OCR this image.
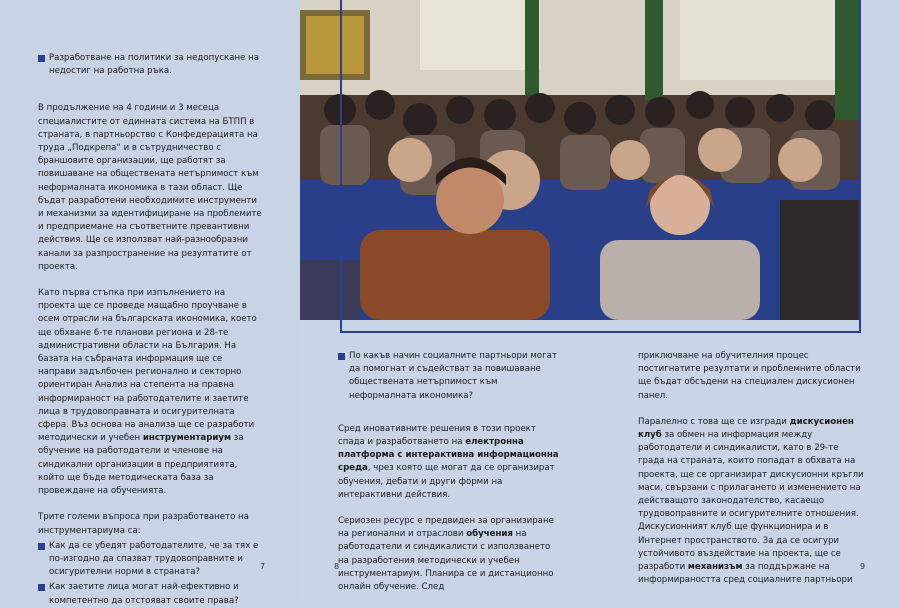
Разработване на политики за недопускане на недостиг на работна ръка.

В продължение на 4 години и 3 месеца специалистите от единната система на БТПП в страната, в партньорство с Конфедерацията на труда „Подкрепа“ и в сътрудничество с браншовите организации, ще работят за повишаване на обществената нетърпимост към неформалната икономика в тази област. Ще бъдат разработени необходимите инструменти и механизми за идентифициране на проблемите и предприемане на съответните превантивни действия. Ще се използват най-разнообразни канали за разпространение на резултатите от проекта.

Като първа стъпка при изпълнението на проекта ще се проведе мащабно проучване в осем отрасли на българската икономика, което ще обхване 6-те планови региона и 28-те административни области на България. На базата на събраната информация ще се направи задълбочен регионално и секторно ориентиран Анализ на степента на правна информираност на работодателите и заетите лица в трудовоправната и осигурителната сфера. Въз основа на анализа ще се разработи методически и учебен инструментариум за обучение на работодатели и членове на синдикални организации в предприятията, който ще бъде методическата база за провеждане на обученията.

Трите големи въпроса при разработването на инструментариума са:

Как да се убедят работодателите, че за тях е по-изгодно да спазват трудовоправните и осигурителни норми в страната?
Как заетите лица могат най-ефективно и компетентно да отстояват своите права?
7
По какъв начин социалните партньори могат да помогнат и съдействат за повишаване обществената нетърпимост към неформалната икономика?

Сред иновативните решения в този проект спада и разработването на електронна платформа с интерактивна информационна среда, чрез която ще могат да се организират обучения, дебати и други форми на интерактивни действия.

Сериозен ресурс е предвиден за организиране на регионални и отраслови обучения на работодатели и синдикалисти с използването на разработения методически и учебен инструментариум. Планира се и дистанционно онлайн обучение. След

8

приключване на обучителния процес постигнатите резултати и проблемните области ще бъдат обсъдени на специален дискусионен панел.

Паралелно с това ще се изгради дискусионен клуб за обмен на информация между работодатели и синдикалисти, като в 29-те града на страната, които попадат в обхвата на проекта, ще се организират дискусионни кръгли маси, свързани с прилагането и изменението на действащото законодателство, касаещо трудовоправните и осигурителните отношения. Дискусионният клуб ще функционира и в Интернет пространството. За да се осигури устойчивото въздействие на проекта, ще се разработи механизъм за поддържане на информираността сред социалните партньори

9
